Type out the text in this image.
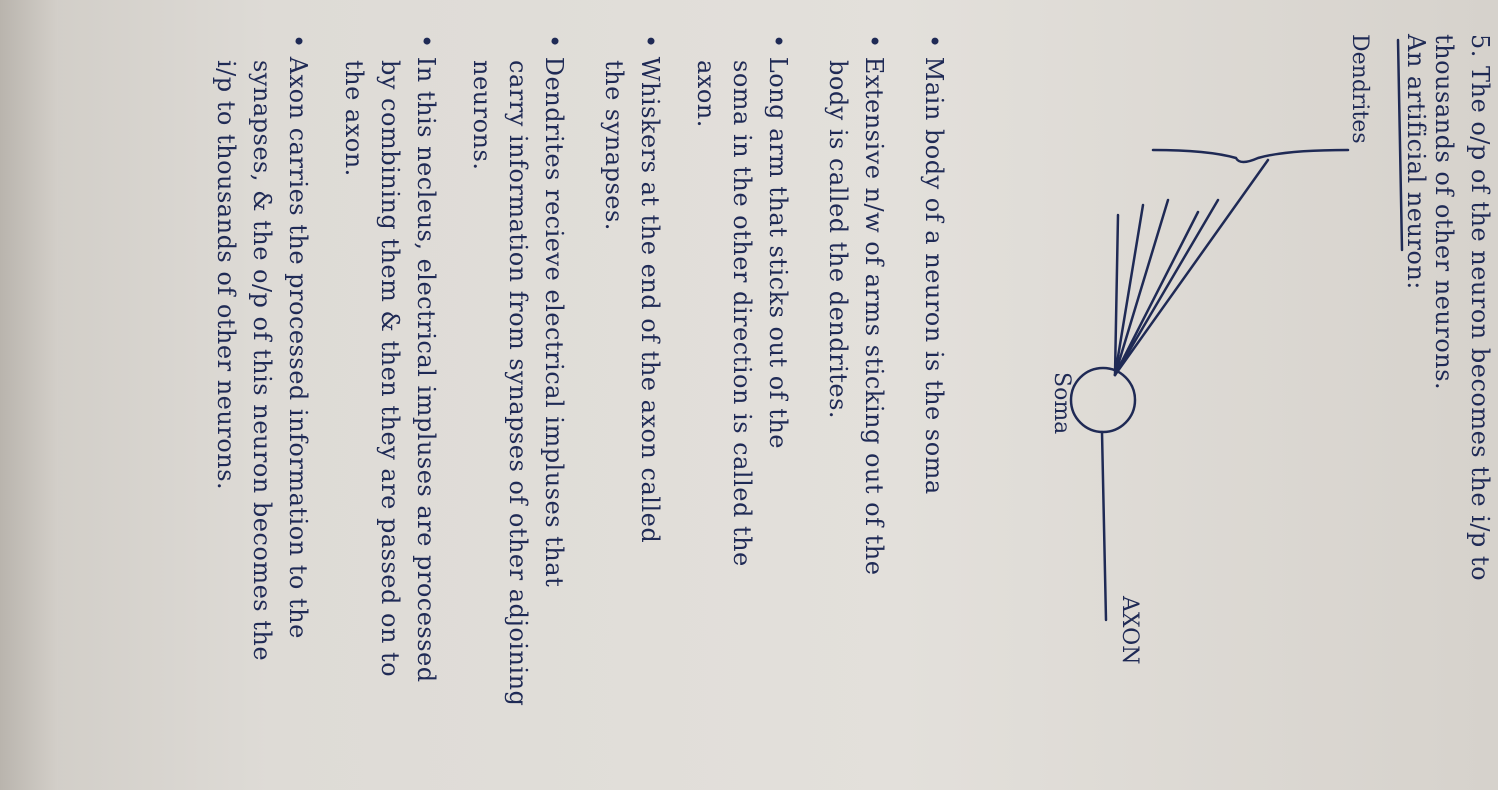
5. The o/p of the neuron becomes the i/p to
thousands of other neurons.
An artificial neuron:
Dendrites
Soma
AXON
• Main body of a neuron is the soma
• Extensive n/w of arms sticking out of the
body is called the dendrites.
• Long arm that sticks out of the
soma in the other direction is called the
axon.
• Whiskers at the end of the axon called
the synapses.
• Dendrites recieve electrical impluses that
carry information from synapses of other adjoining
neurons.
• In this necleus, electrical impluses are processed
by combining them & then they are passed on to
the axon.
• Axon carries the processed information to the
synapses, & the o/p of this neuron becomes the
i/p to thousands of other neurons.
